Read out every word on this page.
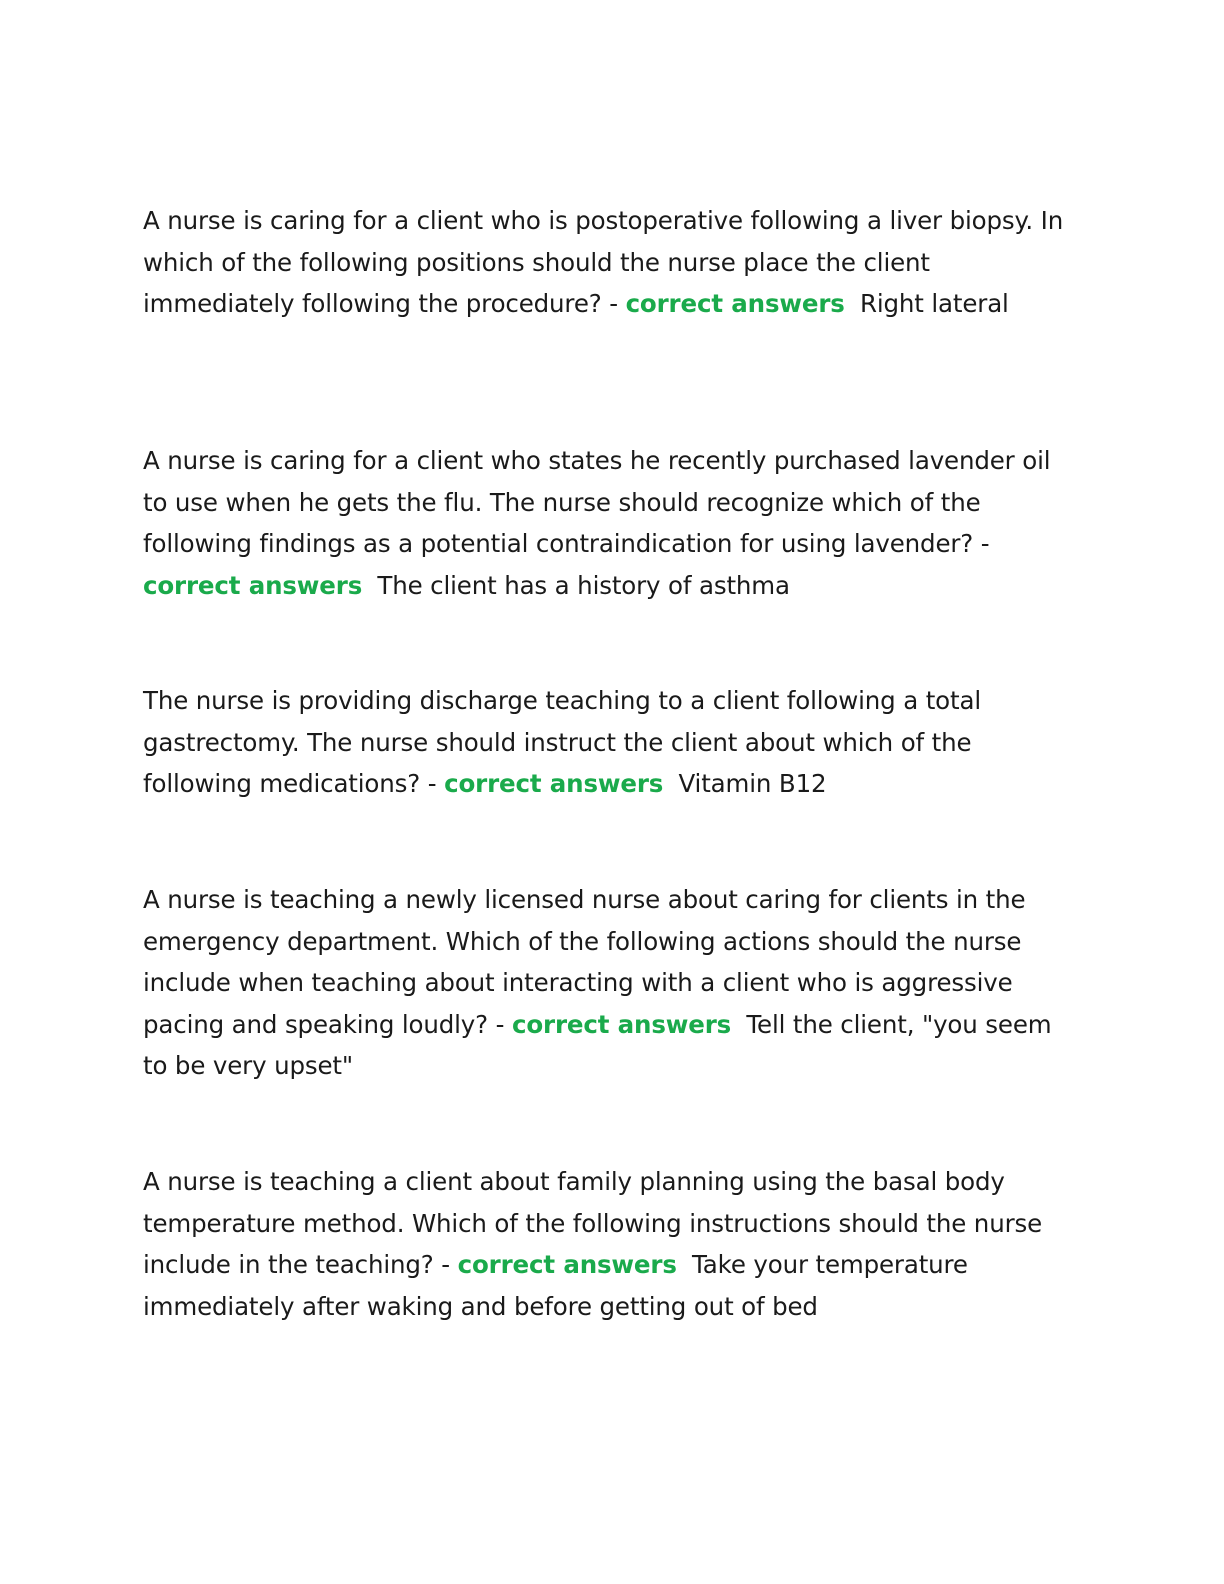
A nurse is caring for a client who is postoperative following a liver biopsy. In which of the following positions should the nurse place the client immediately following the procedure? - correct answers Right lateral

A nurse is caring for a client who states he recently purchased lavender oil to use when he gets the flu. The nurse should recognize which of the following findings as a potential contraindication for using lavender? - correct answers The client has a history of asthma

The nurse is providing discharge teaching to a client following a total gastrectomy. The nurse should instruct the client about which of the following medications? - correct answers Vitamin B12

A nurse is teaching a newly licensed nurse about caring for clients in the emergency department. Which of the following actions should the nurse include when teaching about interacting with a client who is aggressive pacing and speaking loudly? - correct answers Tell the client, "you seem to be very upset"

A nurse is teaching a client about family planning using the basal body temperature method. Which of the following instructions should the nurse include in the teaching? - correct answers Take your temperature immediately after waking and before getting out of bed
